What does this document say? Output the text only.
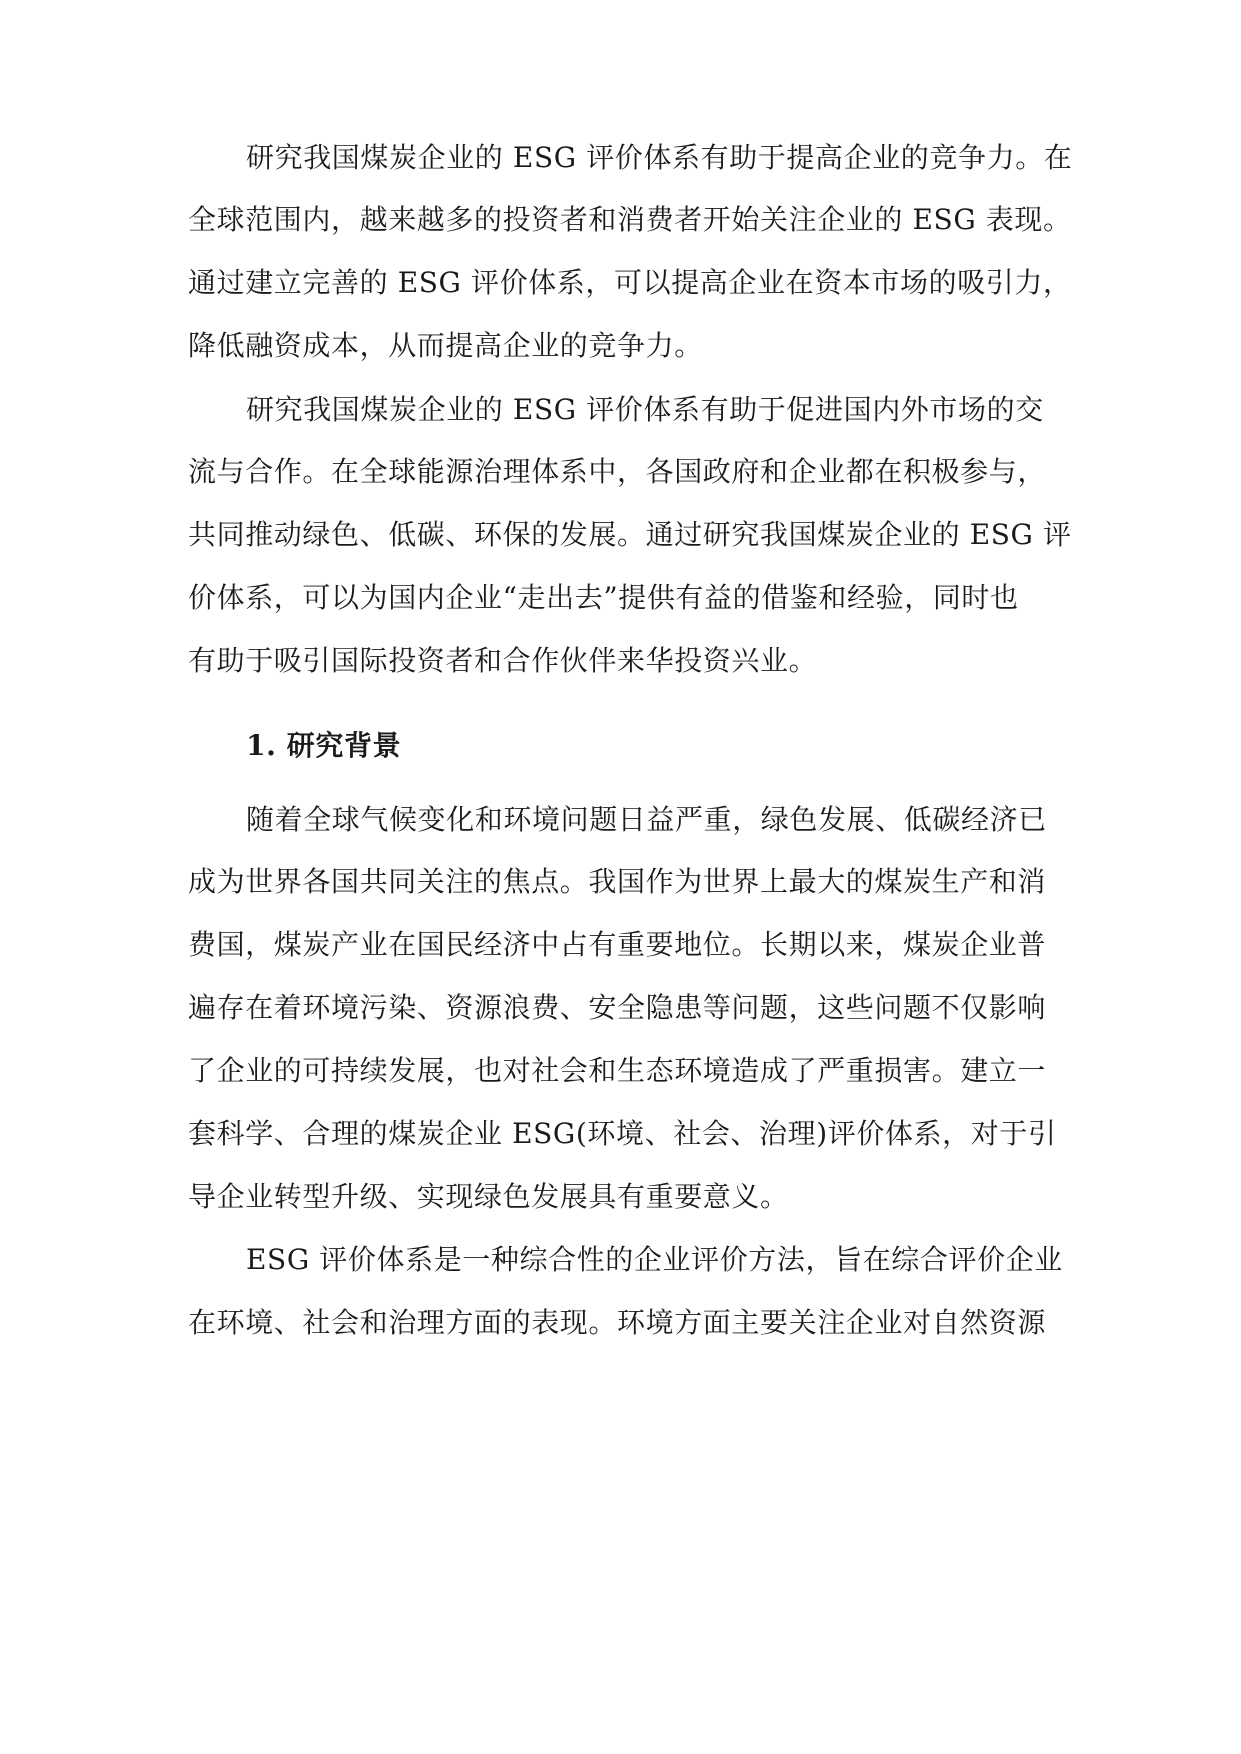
研究我国煤炭企业的 ESG 评价体系有助于提高企业的竞争力。在
全球范围内，越来越多的投资者和消费者开始关注企业的 ESG 表现。
通过建立完善的 ESG 评价体系，可以提高企业在资本市场的吸引力，
降低融资成本，从而提高企业的竞争力。
研究我国煤炭企业的 ESG 评价体系有助于促进国内外市场的交
流与合作。在全球能源治理体系中，各国政府和企业都在积极参与，
共同推动绿色、低碳、环保的发展。通过研究我国煤炭企业的 ESG 评
价体系，可以为国内企业“走出去”提供有益的借鉴和经验，同时也
有助于吸引国际投资者和合作伙伴来华投资兴业。
1. 研究背景
随着全球气候变化和环境问题日益严重，绿色发展、低碳经济已
成为世界各国共同关注的焦点。我国作为世界上最大的煤炭生产和消
费国，煤炭产业在国民经济中占有重要地位。长期以来，煤炭企业普
遍存在着环境污染、资源浪费、安全隐患等问题，这些问题不仅影响
了企业的可持续发展，也对社会和生态环境造成了严重损害。建立一
套科学、合理的煤炭企业 ESG(环境、社会、治理)评价体系，对于引
导企业转型升级、实现绿色发展具有重要意义。
ESG 评价体系是一种综合性的企业评价方法，旨在综合评价企业
在环境、社会和治理方面的表现。环境方面主要关注企业对自然资源
